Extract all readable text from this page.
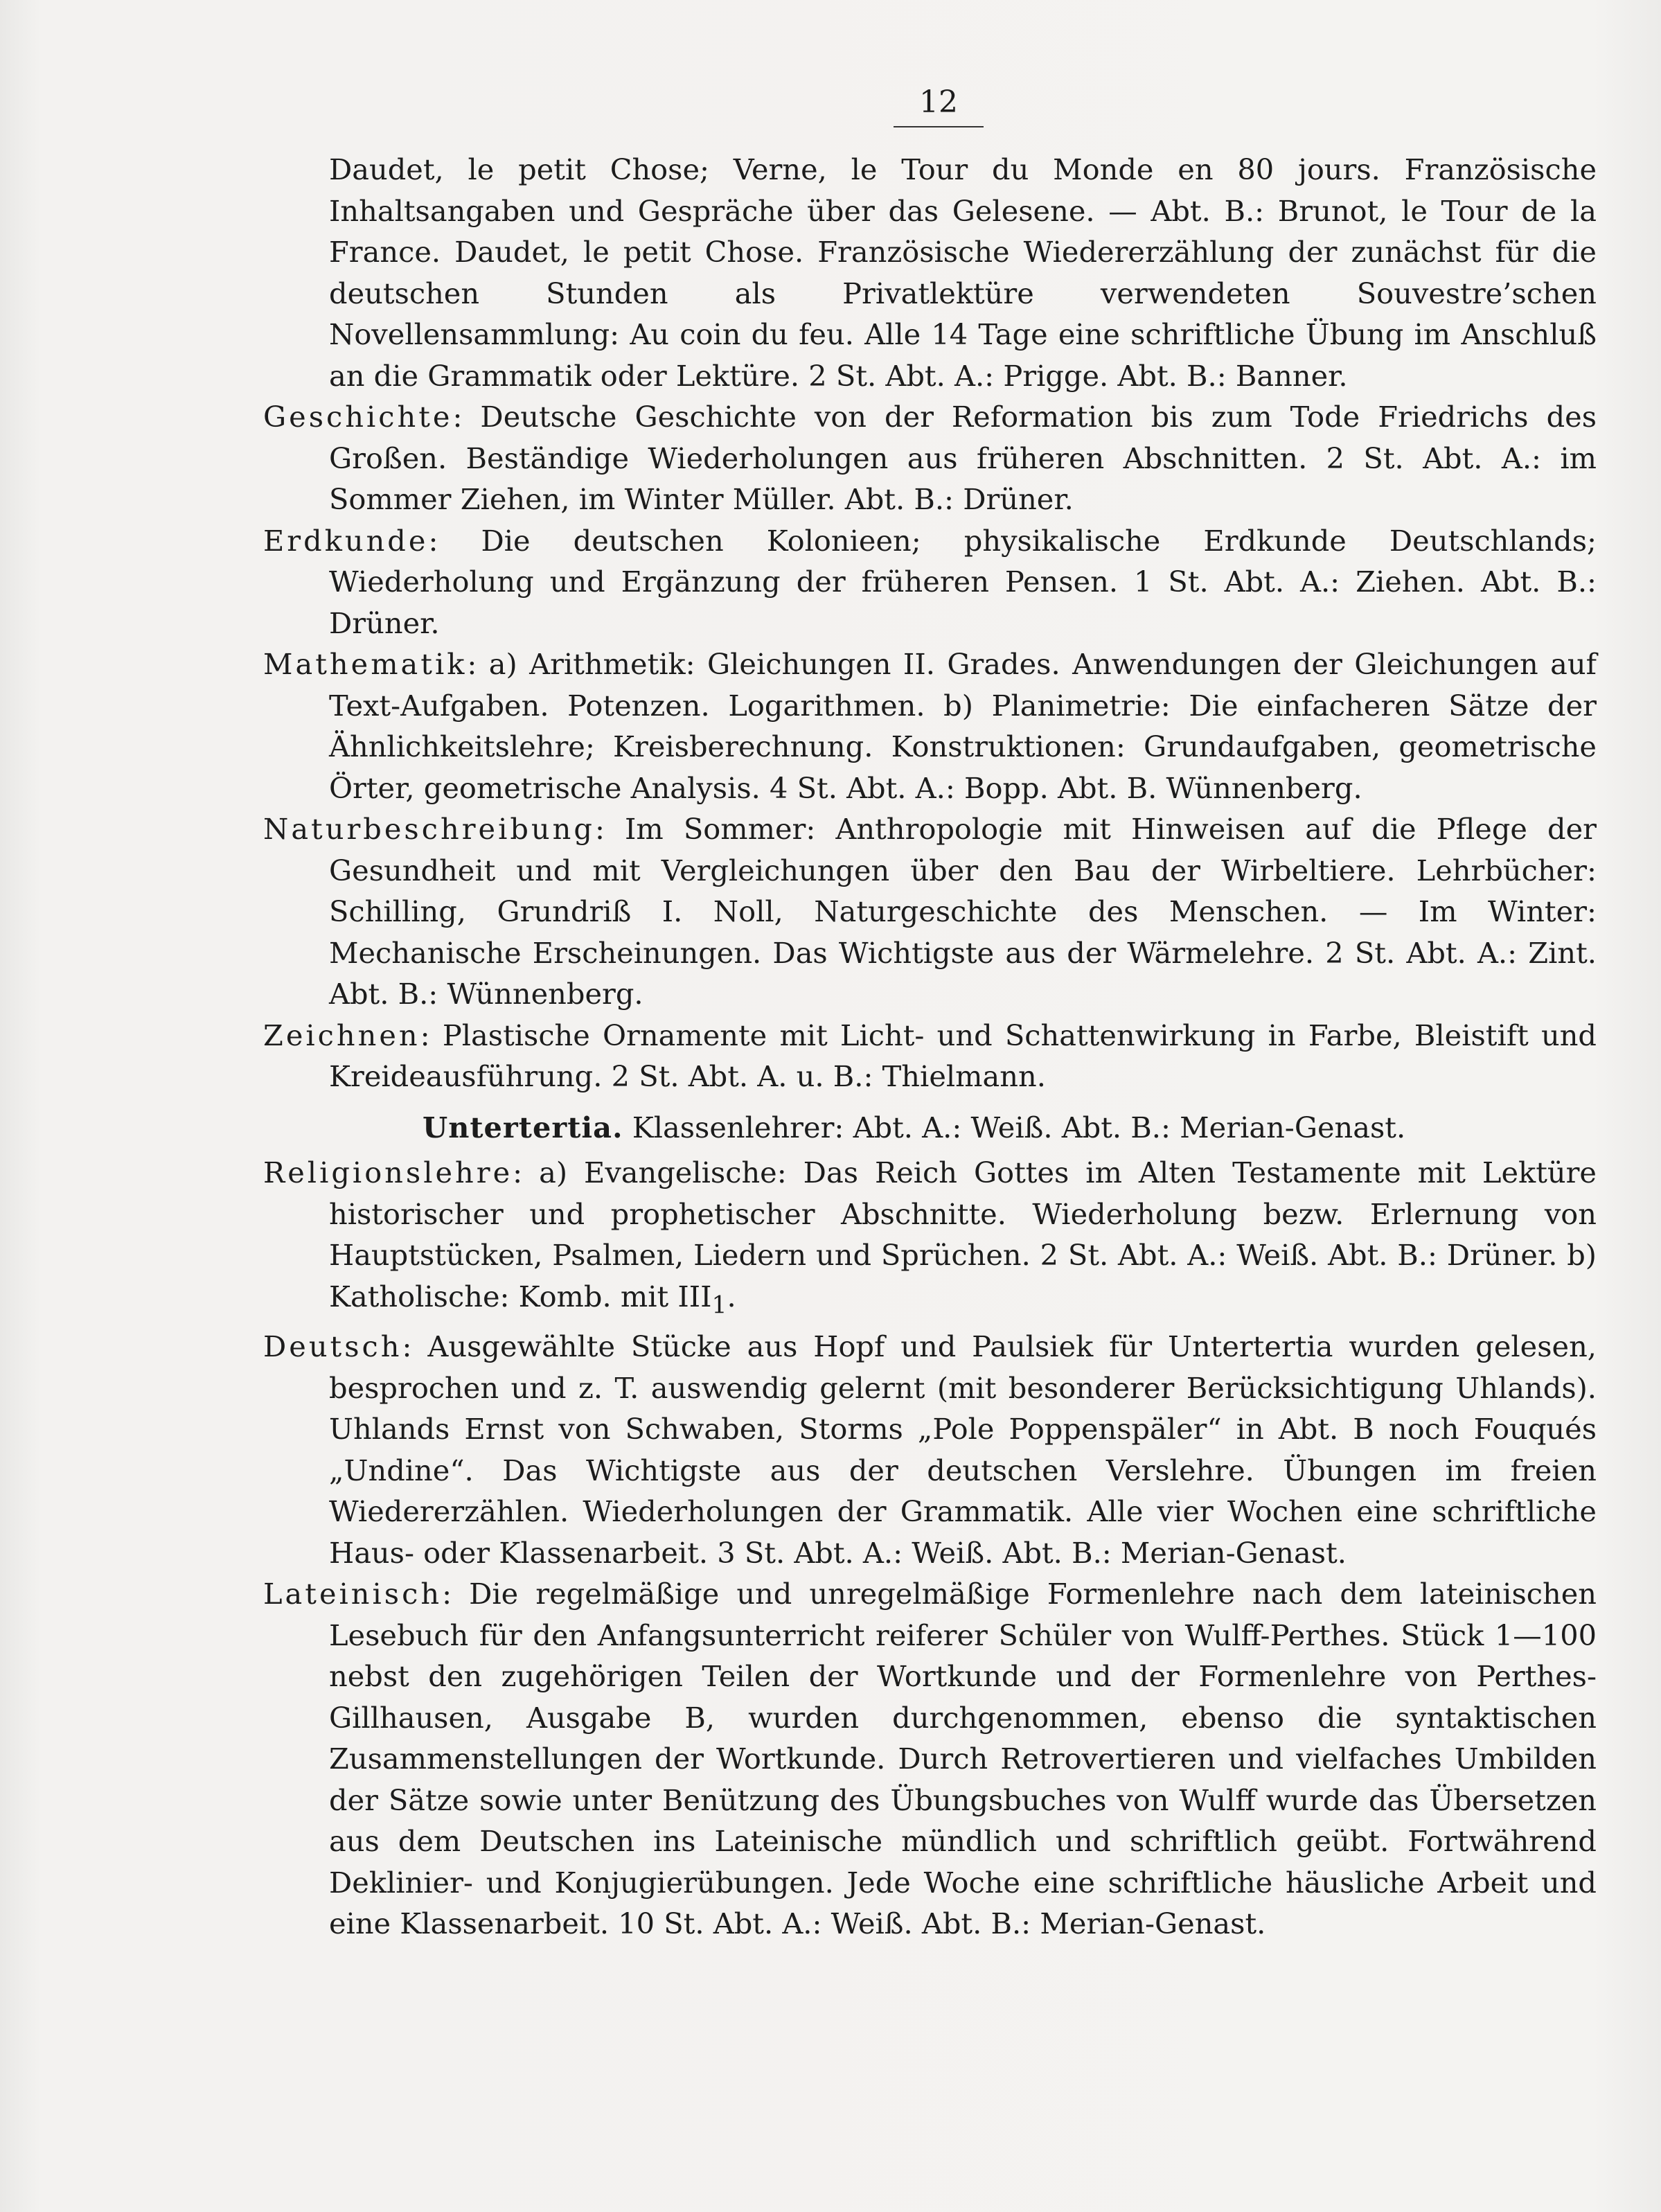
12

Daudet, le petit Chose; Verne, le Tour du Monde en 80 jours. Französische Inhaltsangaben und Gespräche über das Gelesene. — Abt. B.: Brunot, le Tour de la France. Daudet, le petit Chose. Französische Wiedererzählung der zunächst für die deutschen Stunden als Privatlektüre verwendeten Souvestre’schen Novellensammlung: Au coin du feu. Alle 14 Tage eine schriftliche Übung im Anschluß an die Grammatik oder Lektüre. 2 St. Abt. A.: Prigge. Abt. B.: Banner.

Geschichte: Deutsche Geschichte von der Reformation bis zum Tode Friedrichs des Großen. Beständige Wiederholungen aus früheren Abschnitten. 2 St. Abt. A.: im Sommer Ziehen, im Winter Müller. Abt. B.: Drüner.

Erdkunde: Die deutschen Kolonieen; physikalische Erdkunde Deutschlands; Wiederholung und Ergänzung der früheren Pensen. 1 St. Abt. A.: Ziehen. Abt. B.: Drüner.

Mathematik: a) Arithmetik: Gleichungen II. Grades. Anwendungen der Gleichungen auf Text-Aufgaben. Potenzen. Logarithmen. b) Planimetrie: Die einfacheren Sätze der Ähnlichkeitslehre; Kreisberechnung. Konstruktionen: Grundaufgaben, geometrische Örter, geometrische Analysis. 4 St. Abt. A.: Bopp. Abt. B. Wünnenberg.

Naturbeschreibung: Im Sommer: Anthropologie mit Hinweisen auf die Pflege der Gesundheit und mit Vergleichungen über den Bau der Wirbeltiere. Lehrbücher: Schilling, Grundriß I. Noll, Naturgeschichte des Menschen. — Im Winter: Mechanische Erscheinungen. Das Wichtigste aus der Wärmelehre. 2 St. Abt. A.: Zint. Abt. B.: Wünnenberg.

Zeichnen: Plastische Ornamente mit Licht- und Schattenwirkung in Farbe, Bleistift und Kreideausführung. 2 St. Abt. A. u. B.: Thielmann.

Untertertia. Klassenlehrer: Abt. A.: Weiß. Abt. B.: Merian-Genast.

Religionslehre: a) Evangelische: Das Reich Gottes im Alten Testamente mit Lektüre historischer und prophetischer Abschnitte. Wiederholung bezw. Erlernung von Hauptstücken, Psalmen, Liedern und Sprüchen. 2 St. Abt. A.: Weiß. Abt. B.: Drüner. b) Katholische: Komb. mit $III_1$.

Deutsch: Ausgewählte Stücke aus Hopf und Paulsiek für Untertertia wurden gelesen, besprochen und z. T. auswendig gelernt (mit besonderer Berücksichtigung Uhlands). Uhlands Ernst von Schwaben, Storms „Pole Poppenspäler“ in Abt. B noch Fouqués „Undine“. Das Wichtigste aus der deutschen Verslehre. Übungen im freien Wiedererzählen. Wiederholungen der Grammatik. Alle vier Wochen eine schriftliche Haus- oder Klassenarbeit. 3 St. Abt. A.: Weiß. Abt. B.: Merian-Genast.

Lateinisch: Die regelmäßige und unregelmäßige Formenlehre nach dem lateinischen Lesebuch für den Anfangsunterricht reiferer Schüler von Wulff-Perthes. Stück 1—100 nebst den zugehörigen Teilen der Wortkunde und der Formenlehre von Perthes-Gillhausen, Ausgabe B, wurden durchgenommen, ebenso die syntaktischen Zusammenstellungen der Wortkunde. Durch Retrovertieren und vielfaches Umbilden der Sätze sowie unter Benützung des Übungsbuches von Wulff wurde das Übersetzen aus dem Deutschen ins Lateinische mündlich und schriftlich geübt. Fortwährend Deklinier- und Konjugierübungen. Jede Woche eine schriftliche häusliche Arbeit und eine Klassenarbeit. 10 St. Abt. A.: Weiß. Abt. B.: Merian-Genast.
